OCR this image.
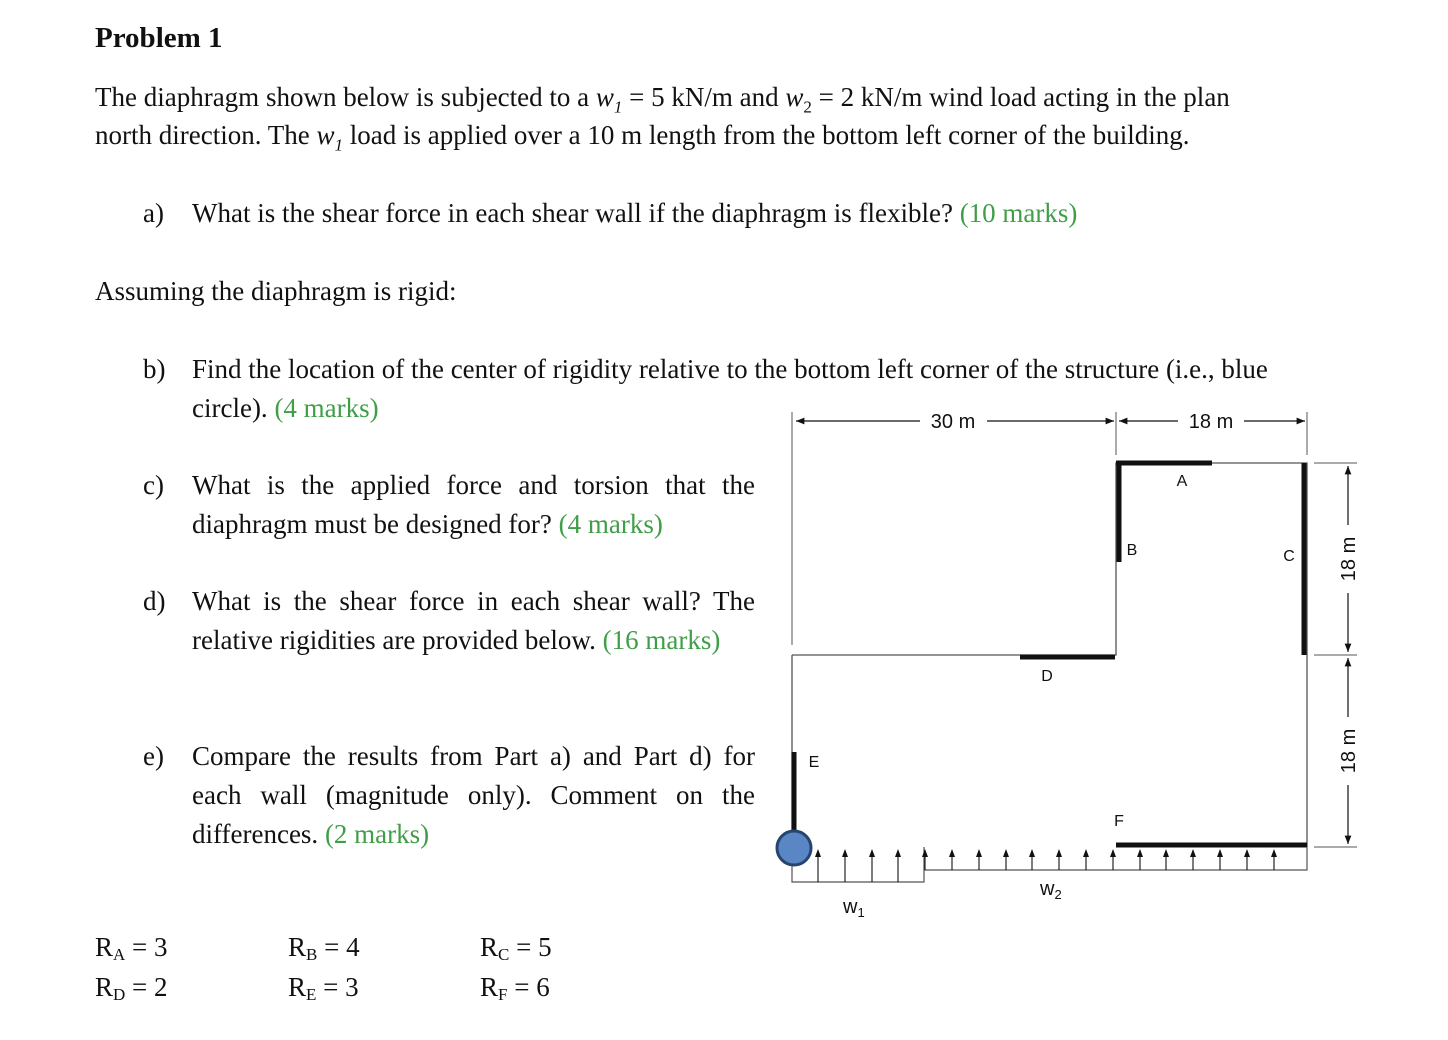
Problem 1
The diaphragm shown below is subjected to a $w_1 = 5$ kN/m and $w_2 = 2$ kN/m wind load acting in the plan
north direction. The $w_1$ load is applied over a 10 m length from the bottom left corner of the building.
a) What is the shear force in each shear wall if the diaphragm is flexible? (10 marks)
Assuming the diaphragm is rigid:
b) Find the location of the center of rigidity relative to the bottom left corner of the structure (i.e., blue circle). (4 marks)
c) What is the applied force and torsion that the diaphragm must be designed for? (4 marks)
d) What is the shear force in each shear wall? The relative rigidities are provided below. (16 marks)
e) Compare the results from Part a) and Part d) for each wall (magnitude only). Comment on the differences. (2 marks)
$R_A = 3$	$R_B = 4$	$R_C = 5$
$R_D = 2$	$R_E = 3$	$R_F = 6$
30 m	18 m
18 m
18 m
A
B	C
D
E
F
$w_1$
$w_2$
